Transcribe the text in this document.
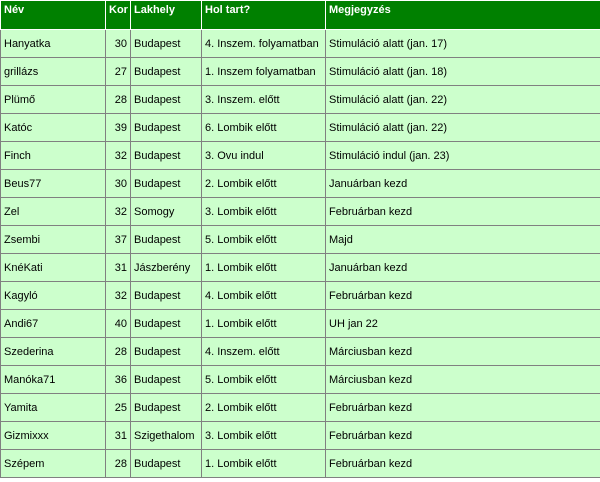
Név	Kor	Lakhely	Hol tart?	Megjegyzés
Hanyatka	30	Budapest	4. Inszem. folyamatban	Stimuláció alatt (jan. 17)
grillázs	27	Budapest	1. Inszem folyamatban	Stimuláció alatt (jan. 18)
Plümő	28	Budapest	3. Inszem. előtt	Stimuláció alatt (jan. 22)
Katóc	39	Budapest	6. Lombik előtt	Stimuláció alatt (jan. 22)
Finch	32	Budapest	3. Ovu indul	Stimuláció indul (jan. 23)
Beus77	30	Budapest	2. Lombik előtt	Januárban kezd
Zel	32	Somogy	3. Lombik előtt	Februárban kezd
Zsembi	37	Budapest	5. Lombik előtt	Majd
KnéKati	31	Jászberény	1. Lombik előtt	Januárban kezd
Kagyló	32	Budapest	4. Lombik előtt	Februárban kezd
Andi67	40	Budapest	1. Lombik előtt	UH jan 22
Szederina	28	Budapest	4. Inszem. előtt	Márciusban kezd
Manóka71	36	Budapest	5. Lombik előtt	Márciusban kezd
Yamita	25	Budapest	2. Lombik előtt	Februárban kezd
Gizmixxx	31	Szigethalom	3. Lombik előtt	Februárban kezd
Szépem	28	Budapest	1. Lombik előtt	Februárban kezd
